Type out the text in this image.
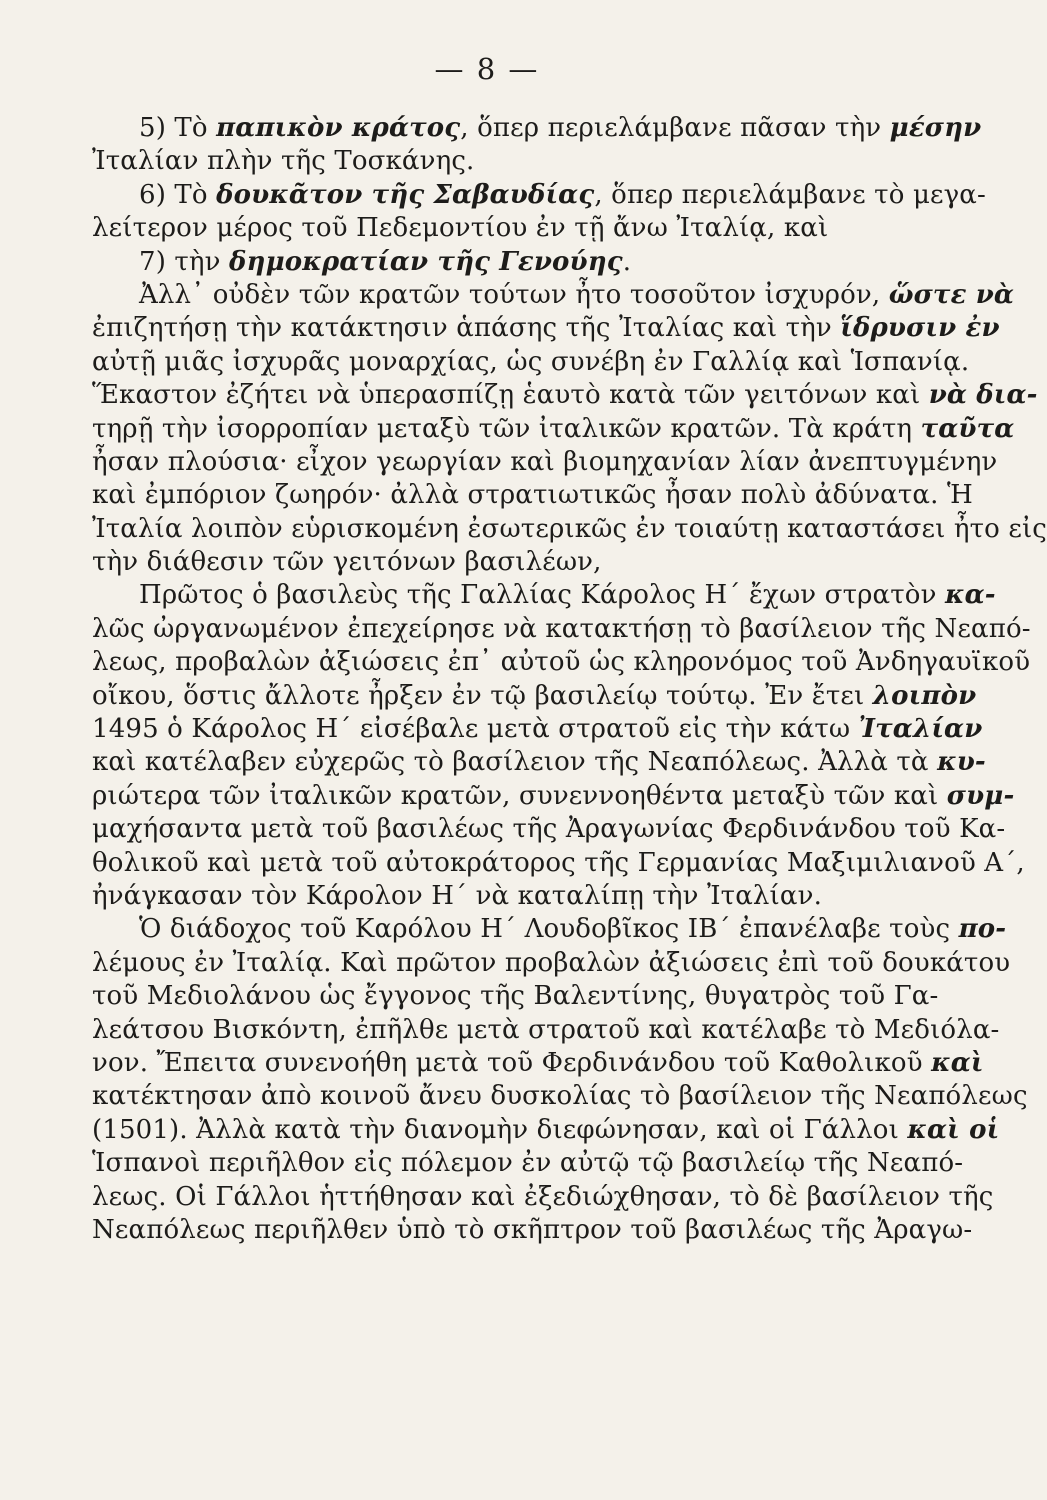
— 8 —
5) Τὸ παπικὸν κράτος, ὅπερ περιελάμβανε πᾶσαν τὴν μέσην
Ἰταλίαν πλὴν τῆς Τοσκάνης.
6) Τὸ δουκᾶτον τῆς Σαβαυδίας, ὅπερ περιελάμβανε τὸ μεγα-
λείτερον μέρος τοῦ Πεδεμοντίου ἐν τῇ ἄνω Ἰταλίᾳ, καὶ
7) τὴν δημοκρατίαν τῆς Γενούης.
Ἀλλ᾿ οὐδὲν τῶν κρατῶν τούτων ἦτο τοσοῦτον ἰσχυρόν, ὥστε νὰ
ἐπιζητήσῃ τὴν κατάκτησιν ἁπάσης τῆς Ἰταλίας καὶ τὴν ἵδρυσιν ἐν
αὐτῇ μιᾶς ἰσχυρᾶς μοναρχίας, ὡς συνέβη ἐν Γαλλίᾳ καὶ Ἱσπανίᾳ.
Ἕκαστον ἐζήτει νὰ ὑπερασπίζῃ ἑαυτὸ κατὰ τῶν γειτόνων καὶ νὰ δια-
τηρῇ τὴν ἰσορροπίαν μεταξὺ τῶν ἰταλικῶν κρατῶν. Τὰ κράτη ταῦτα
ἦσαν πλούσια· εἶχον γεωργίαν καὶ βιομηχανίαν λίαν ἀνεπτυγμένην
καὶ ἐμπόριον ζωηρόν· ἀλλὰ στρατιωτικῶς ἦσαν πολὺ ἀδύνατα. Ἡ
Ἰταλία λοιπὸν εὑρισκομένη ἐσωτερικῶς ἐν τοιαύτῃ καταστάσει ἦτο εἰς
τὴν διάθεσιν τῶν γειτόνων βασιλέων,
Πρῶτος ὁ βασιλεὺς τῆς Γαλλίας Κάρολος Η΄ ἔχων στρατὸν κα-
λῶς ὠργανωμένον ἐπεχείρησε νὰ κατακτήσῃ τὸ βασίλειον τῆς Νεαπό-
λεως, προβαλὼν ἀξιώσεις ἐπ᾿ αὐτοῦ ὡς κληρονόμος τοῦ Ἀνδηγαυϊκοῦ
οἴκου, ὅστις ἄλλοτε ἦρξεν ἐν τῷ βασιλείῳ τούτῳ. Ἐν ἔτει λοιπὸν
1495 ὁ Κάρολος Η΄ εἰσέβαλε μετὰ στρατοῦ εἰς τὴν κάτω Ἰταλίαν
καὶ κατέλαβεν εὐχερῶς τὸ βασίλειον τῆς Νεαπόλεως. Ἀλλὰ τὰ κυ-
ριώτερα τῶν ἰταλικῶν κρατῶν, συνεννοηθέντα μεταξὺ τῶν καὶ συμ-
μαχήσαντα μετὰ τοῦ βασιλέως τῆς Ἀραγωνίας Φερδινάνδου τοῦ Κα-
θολικοῦ καὶ μετὰ τοῦ αὐτοκράτορος τῆς Γερμανίας Μαξιμιλιανοῦ Α΄,
ἠνάγκασαν τὸν Κάρολον Η΄ νὰ καταλίπῃ τὴν Ἰταλίαν.
Ὁ διάδοχος τοῦ Καρόλου Η΄ Λουδοβῖκος ΙΒ΄ ἐπανέλαβε τοὺς πο-
λέμους ἐν Ἰταλίᾳ. Καὶ πρῶτον προβαλὼν ἀξιώσεις ἐπὶ τοῦ δουκάτου
τοῦ Μεδιολάνου ὡς ἔγγονος τῆς Βαλεντίνης, θυγατρὸς τοῦ Γα-
λεάτσου Βισκόντη, ἐπῆλθε μετὰ στρατοῦ καὶ κατέλαβε τὸ Μεδιόλα-
νον. Ἔπειτα συνενοήθη μετὰ τοῦ Φερδινάνδου τοῦ Καθολικοῦ καὶ
κατέκτησαν ἀπὸ κοινοῦ ἄνευ δυσκολίας τὸ βασίλειον τῆς Νεαπόλεως
(1501). Ἀλλὰ κατὰ τὴν διανομὴν διεφώνησαν, καὶ οἱ Γάλλοι καὶ οἱ
Ἱσπανοὶ περιῆλθον εἰς πόλεμον ἐν αὐτῷ τῷ βασιλείῳ τῆς Νεαπό-
λεως. Οἱ Γάλλοι ἡττήθησαν καὶ ἐξεδιώχθησαν, τὸ δὲ βασίλειον τῆς
Νεαπόλεως περιῆλθεν ὑπὸ τὸ σκῆπτρον τοῦ βασιλέως τῆς Ἀραγω-
